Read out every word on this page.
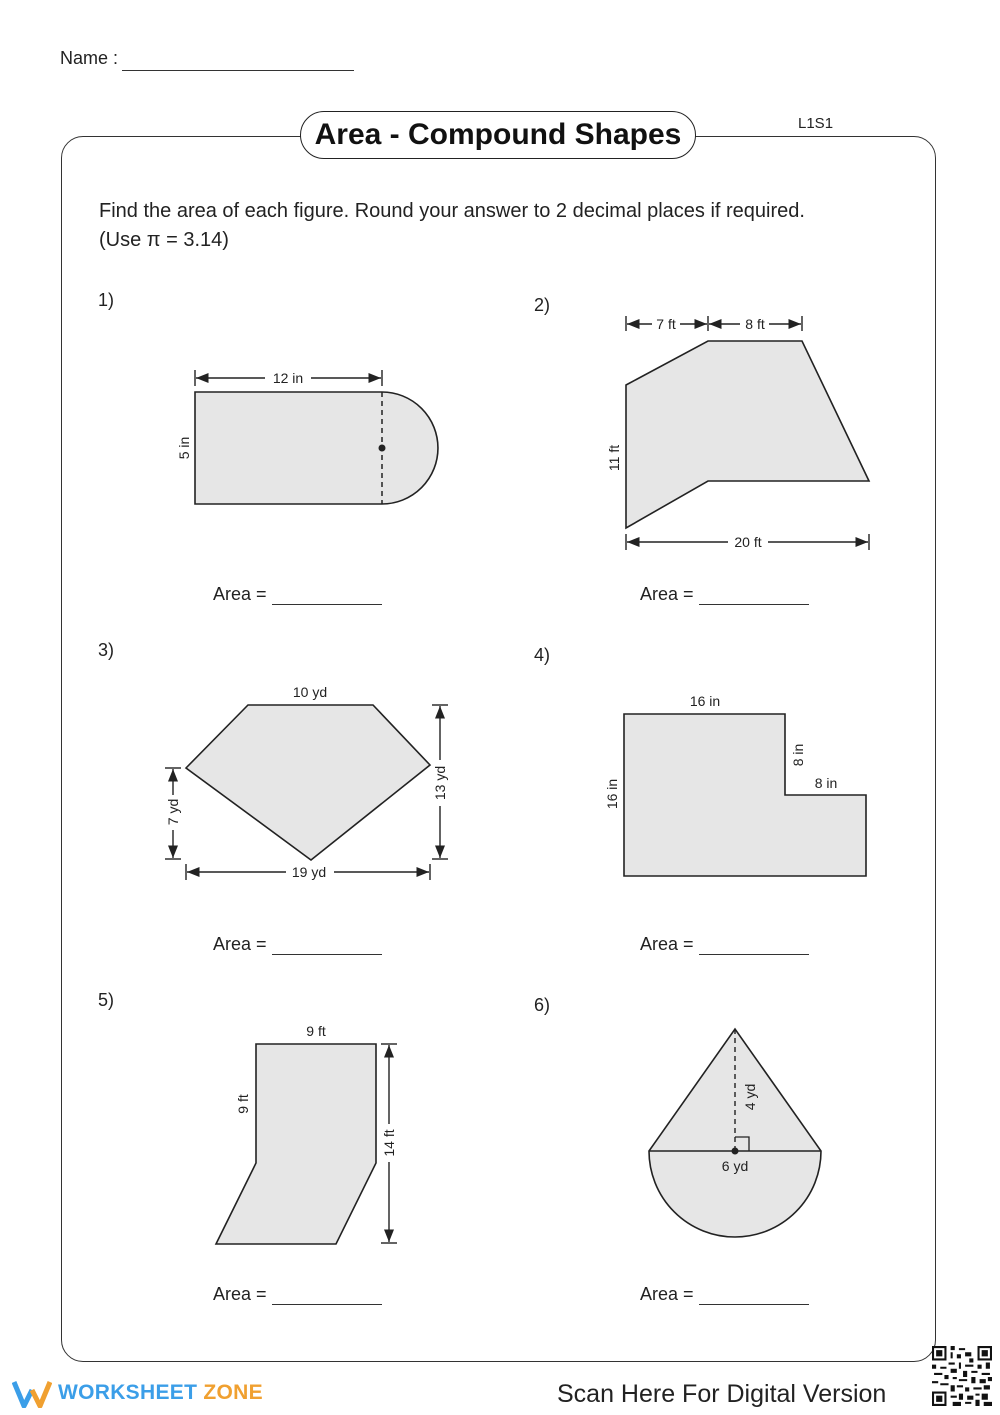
Name :
Area - Compound Shapes	L1S1
Find the area of each figure. Round your answer to 2 decimal places if required.
(Use π = 3.14)
1)	2)
3)	4)
5)	6)
12 in
5 in
7 ft	8 ft
11 ft
20 ft
10 yd
7 yd
13 yd
19 yd
16 in
16 in
8 in
8 in
9 ft
9 ft
14 ft
4 yd
6 yd
Area =	Area =
Area =	Area =
Area =	Area =
WORKSHEET ZONE	Scan Here For Digital Version
